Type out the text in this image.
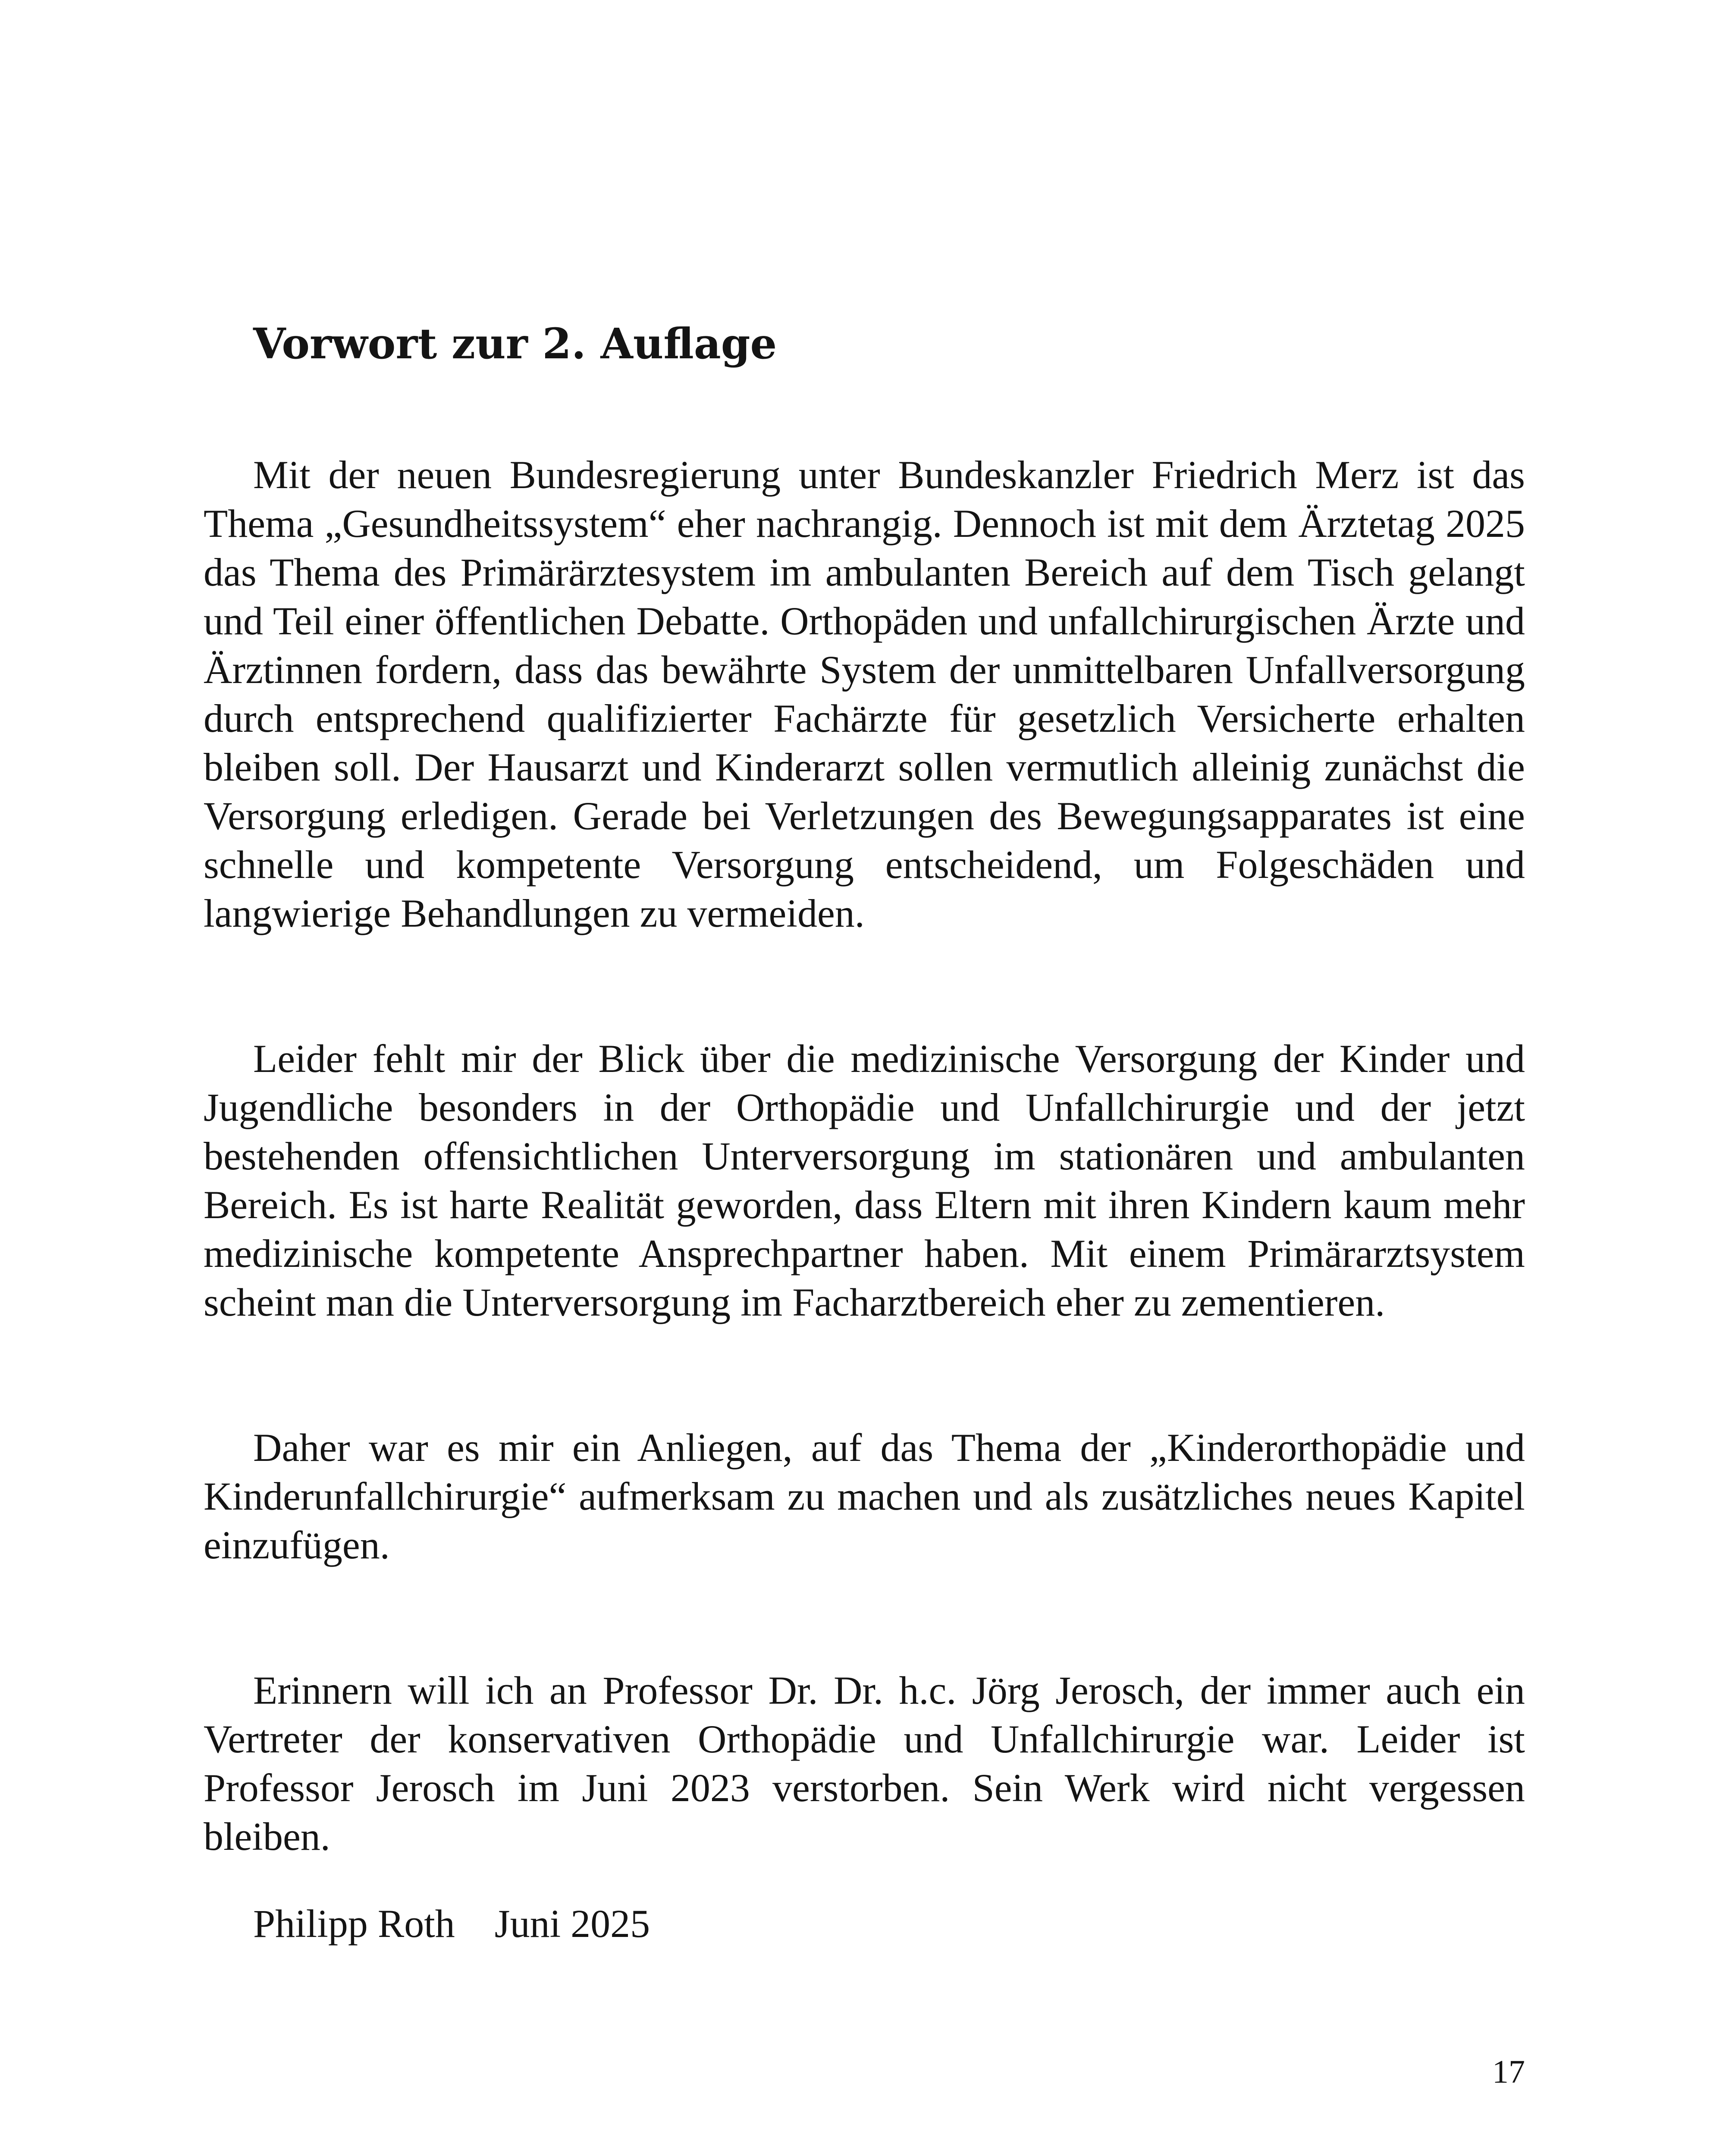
Vorwort zur 2. Auflage

Mit der neuen Bundesregierung unter Bundeskanzler Friedrich Merz ist das Thema „Gesundheitssystem“ eher nachrangig. Dennoch ist mit dem Ärztetag 2025 das Thema des Primärärztesystem im ambulanten Bereich auf dem Tisch gelangt und Teil einer öffentlichen Debatte. Orthopäden und unfallchirurgischen Ärzte und Ärztinnen fordern, dass das bewährte System der unmittelbaren Unfallversorgung durch entsprechend qualifizierter Fachärzte für gesetzlich Versicherte erhalten bleiben soll. Der Hausarzt und Kinderarzt sollen vermutlich alleinig zunächst die Versorgung erledigen. Gerade bei Verletzungen des Bewegungsapparates ist eine schnelle und kompetente Versorgung entscheidend, um Folgeschäden und langwierige Behandlungen zu vermeiden.

Leider fehlt mir der Blick über die medizinische Versorgung der Kinder und Jugendliche besonders in der Orthopädie und Unfallchirurgie und der jetzt bestehenden offensichtlichen Unterversorgung im stationären und ambulanten Bereich. Es ist harte Realität geworden, dass Eltern mit ihren Kindern kaum mehr medizinische kompetente Ansprechpartner haben. Mit einem Primärarztsystem scheint man die Unterversorgung im Facharztbereich eher zu zementieren.

Daher war es mir ein Anliegen, auf das Thema der „Kinderorthopädie und Kinderunfallchirurgie“ aufmerksam zu machen und als zusätzliches neues Kapitel einzufügen.

Erinnern will ich an Professor Dr. Dr. h.c. Jörg Jerosch, der immer auch ein Vertreter der konservativen Orthopädie und Unfallchirurgie war. Leider ist Professor Jerosch im Juni 2023 verstorben. Sein Werk wird nicht vergessen bleiben.

Philipp Roth    Juni 2025
17
